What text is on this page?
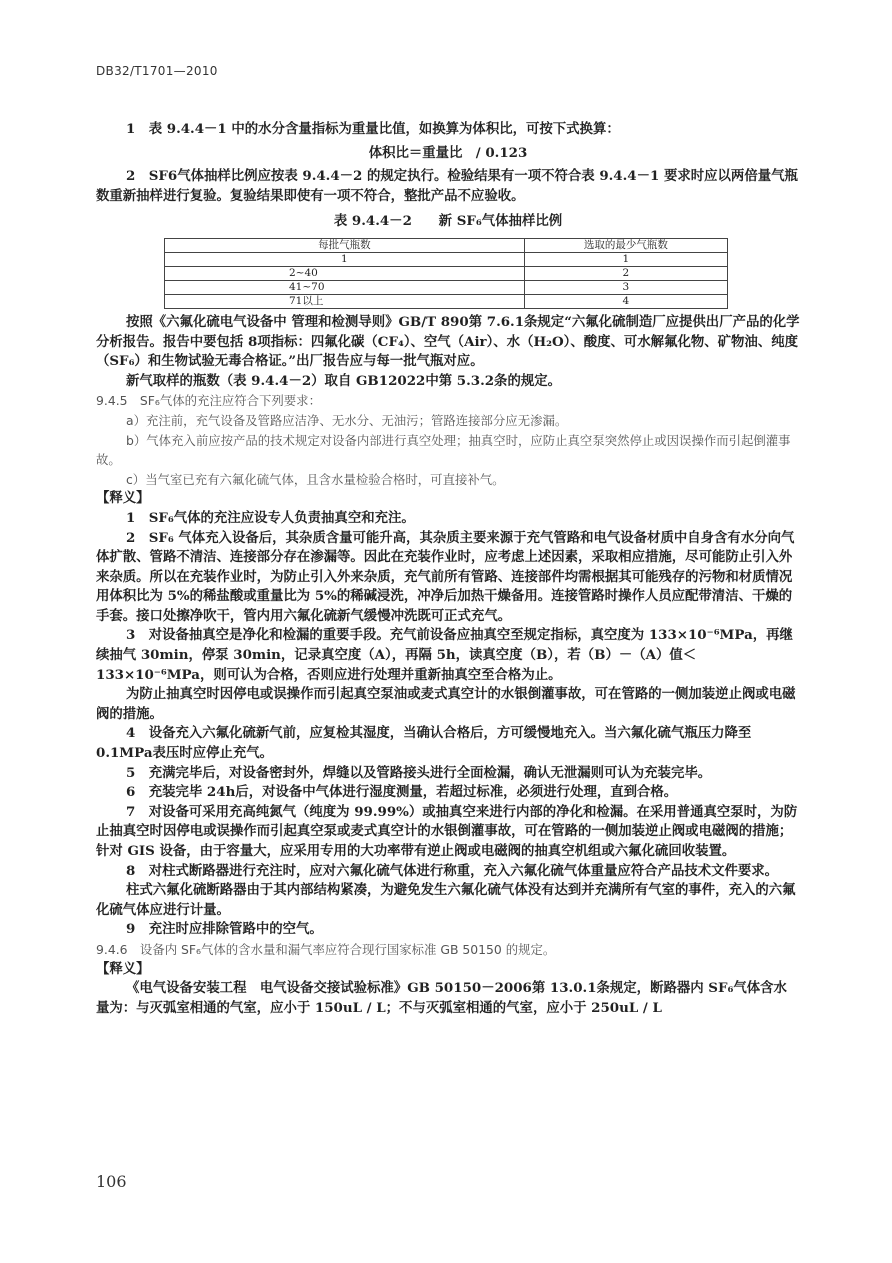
DB32/T1701—2010

1　表 9.4.4－1 中的水分含量指标为重量比值，如换算为体积比，可按下式换算：

体积比＝重量比　/ 0.123

2　SF6气体抽样比例应按表 9.4.4－2 的规定执行。检验结果有一项不符合表 9.4.4－1 要求时应以两倍量气瓶数重新抽样进行复验。复验结果即使有一项不符合，整批产品不应验收。

表 9.4.4－2　　新 SF₆气体抽样比例

每批气瓶数	选取的最少气瓶数
1	1
2~40	2
41~70	3
71以上	4

按照《六氟化硫电气设备中 管理和检测导则》GB/T 890第 7.6.1条规定“六氟化硫制造厂应提供出厂产品的化学分析报告。报告中要包括 8项指标：四氟化碳（CF₄）、空气（Air）、水（H₂O）、酸度、可水解氟化物、矿物油、纯度（SF₆）和生物试验无毒合格证。”出厂报告应与每一批气瓶对应。

新气取样的瓶数（表 9.4.4－2）取自 GB12022中第 5.3.2条的规定。

9.4.5　SF₆气体的充注应符合下列要求：

a）充注前，充气设备及管路应洁净、无水分、无油污；管路连接部分应无渗漏。

b）气体充入前应按产品的技术规定对设备内部进行真空处理；抽真空时，应防止真空泵突然停止或因误操作而引起倒灌事故。

c）当气室已充有六氟化硫气体，且含水量检验合格时，可直接补气。

【释义】

1　SF₆气体的充注应设专人负责抽真空和充注。

2　SF₆ 气体充入设备后，其杂质含量可能升高，其杂质主要来源于充气管路和电气设备材质中自身含有水分向气体扩散、管路不清洁、连接部分存在渗漏等。因此在充装作业时，应考虑上述因素，采取相应措施，尽可能防止引入外来杂质。所以在充装作业时，为防止引入外来杂质，充气前所有管路、连接部件均需根据其可能残存的污物和材质情况用体积比为 5%的稀盐酸或重量比为 5%的稀碱浸洗，冲净后加热干燥备用。连接管路时操作人员应配带清洁、干燥的手套。接口处擦净吹干，管内用六氟化硫新气缓慢冲洗既可正式充气。

3　对设备抽真空是净化和检漏的重要手段。充气前设备应抽真空至规定指标，真空度为 133×10⁻⁶MPa，再继续抽气 30min，停泵 30min，记录真空度（A），再隔 5h，读真空度（B），若（B）－（A）值＜133×10⁻⁶MPa，则可认为合格，否则应进行处理并重新抽真空至合格为止。

为防止抽真空时因停电或误操作而引起真空泵油或麦式真空计的水银倒灌事故，可在管路的一侧加装逆止阀或电磁阀的措施。

4　设备充入六氟化硫新气前，应复检其湿度，当确认合格后，方可缓慢地充入。当六氟化硫气瓶压力降至 0.1MPa表压时应停止充气。

5　充满完毕后，对设备密封外，焊缝以及管路接头进行全面检漏，确认无泄漏则可认为充装完毕。

6　充装完毕 24h后，对设备中气体进行湿度测量，若超过标准，必须进行处理，直到合格。

7　对设备可采用充高纯氮气（纯度为 99.99%）或抽真空来进行内部的净化和检漏。在采用普通真空泵时，为防止抽真空时因停电或误操作而引起真空泵或麦式真空计的水银倒灌事故，可在管路的一侧加装逆止阀或电磁阀的措施；针对 GIS 设备，由于容量大，应采用专用的大功率带有逆止阀或电磁阀的抽真空机组或六氟化硫回收装置。

8　对柱式断路器进行充注时，应对六氟化硫气体进行称重，充入六氟化硫气体重量应符合产品技术文件要求。

柱式六氟化硫断路器由于其内部结构紧凑，为避免发生六氟化硫气体没有达到并充满所有气室的事件，充入的六氟化硫气体应进行计量。

9　充注时应排除管路中的空气。

9.4.6　设备内 SF₆气体的含水量和漏气率应符合现行国家标准 GB 50150 的规定。

【释义】

《电气设备安装工程　电气设备交接试验标准》GB 50150－2006第 13.0.1条规定，断路器内 SF₆气体含水量为：与灭弧室相通的气室，应小于 150uL / L；不与灭弧室相通的气室，应小于 250uL / L

106
